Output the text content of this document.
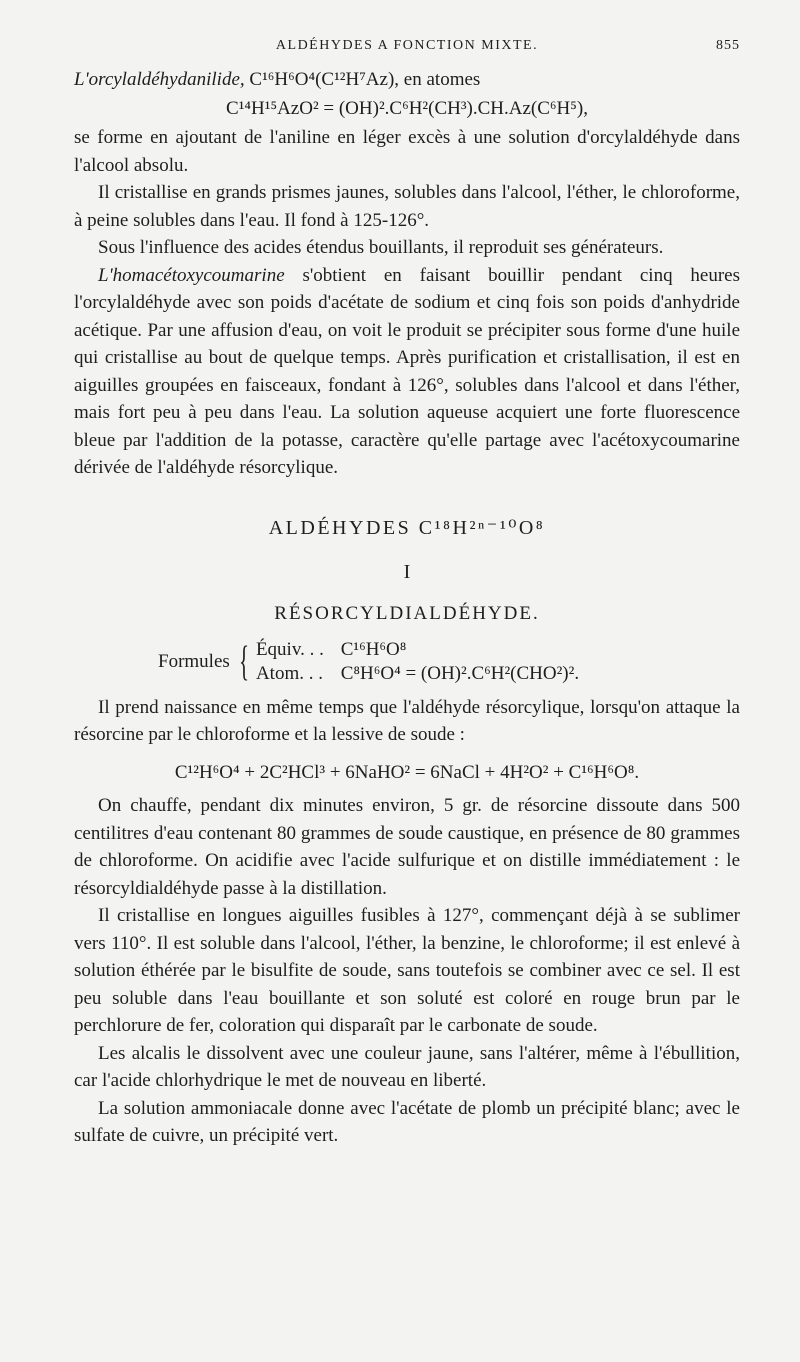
ALDÉHYDES A FONCTION MIXTE.	855

L'orcylaldéhydanilide, C¹⁶H⁶O⁴(C¹²H⁷Az), en atomes

C¹⁴H¹⁵AzO² = (OH)².C⁶H²(CH³).CH.Az(C⁶H⁵),

se forme en ajoutant de l'aniline en léger excès à une solution d'orcylaldéhyde dans l'alcool absolu.

Il cristallise en grands prismes jaunes, solubles dans l'alcool, l'éther, le chloroforme, à peine solubles dans l'eau. Il fond à 125-126°.

Sous l'influence des acides étendus bouillants, il reproduit ses générateurs.

L'homacétoxycoumarine s'obtient en faisant bouillir pendant cinq heures l'orcylaldéhyde avec son poids d'acétate de sodium et cinq fois son poids d'anhydride acétique. Par une affusion d'eau, on voit le produit se précipiter sous forme d'une huile qui cristallise au bout de quelque temps. Après purification et cristallisation, il est en aiguilles groupées en faisceaux, fondant à 126°, solubles dans l'alcool et dans l'éther, mais fort peu à peu dans l'eau. La solution aqueuse acquiert une forte fluorescence bleue par l'addition de la potasse, caractère qu'elle partage avec l'acétoxycoumarine dérivée de l'aldéhyde résorcylique.

ALDÉHYDES C¹⁸H²ⁿ⁻¹⁰O⁸
I
RÉSORCYLDIALDÉHYDE.
Formules { Équiv. . . C¹⁶H⁶O⁸
Atom. . . C⁸H⁶O⁴ = (OH)².C⁶H²(CHO²)².

Il prend naissance en même temps que l'aldéhyde résorcylique, lorsqu'on attaque la résorcine par le chloroforme et la lessive de soude :

C¹²H⁶O⁴ + 2C²HCl³ + 6NaHO² = 6NaCl + 4H²O² + C¹⁶H⁶O⁸.

On chauffe, pendant dix minutes environ, 5 gr. de résorcine dissoute dans 500 centilitres d'eau contenant 80 grammes de soude caustique, en présence de 80 grammes de chloroforme. On acidifie avec l'acide sulfurique et on distille immédiatement : le résorcyldialdéhyde passe à la distillation.

Il cristallise en longues aiguilles fusibles à 127°, commençant déjà à se sublimer vers 110°. Il est soluble dans l'alcool, l'éther, la benzine, le chloroforme; il est enlevé à solution éthérée par le bisulfite de soude, sans toutefois se combiner avec ce sel. Il est peu soluble dans l'eau bouillante et son soluté est coloré en rouge brun par le perchlorure de fer, coloration qui disparaît par le carbonate de soude.

Les alcalis le dissolvent avec une couleur jaune, sans l'altérer, même à l'ébullition, car l'acide chlorhydrique le met de nouveau en liberté.

La solution ammoniacale donne avec l'acétate de plomb un précipité blanc; avec le sulfate de cuivre, un précipité vert.
